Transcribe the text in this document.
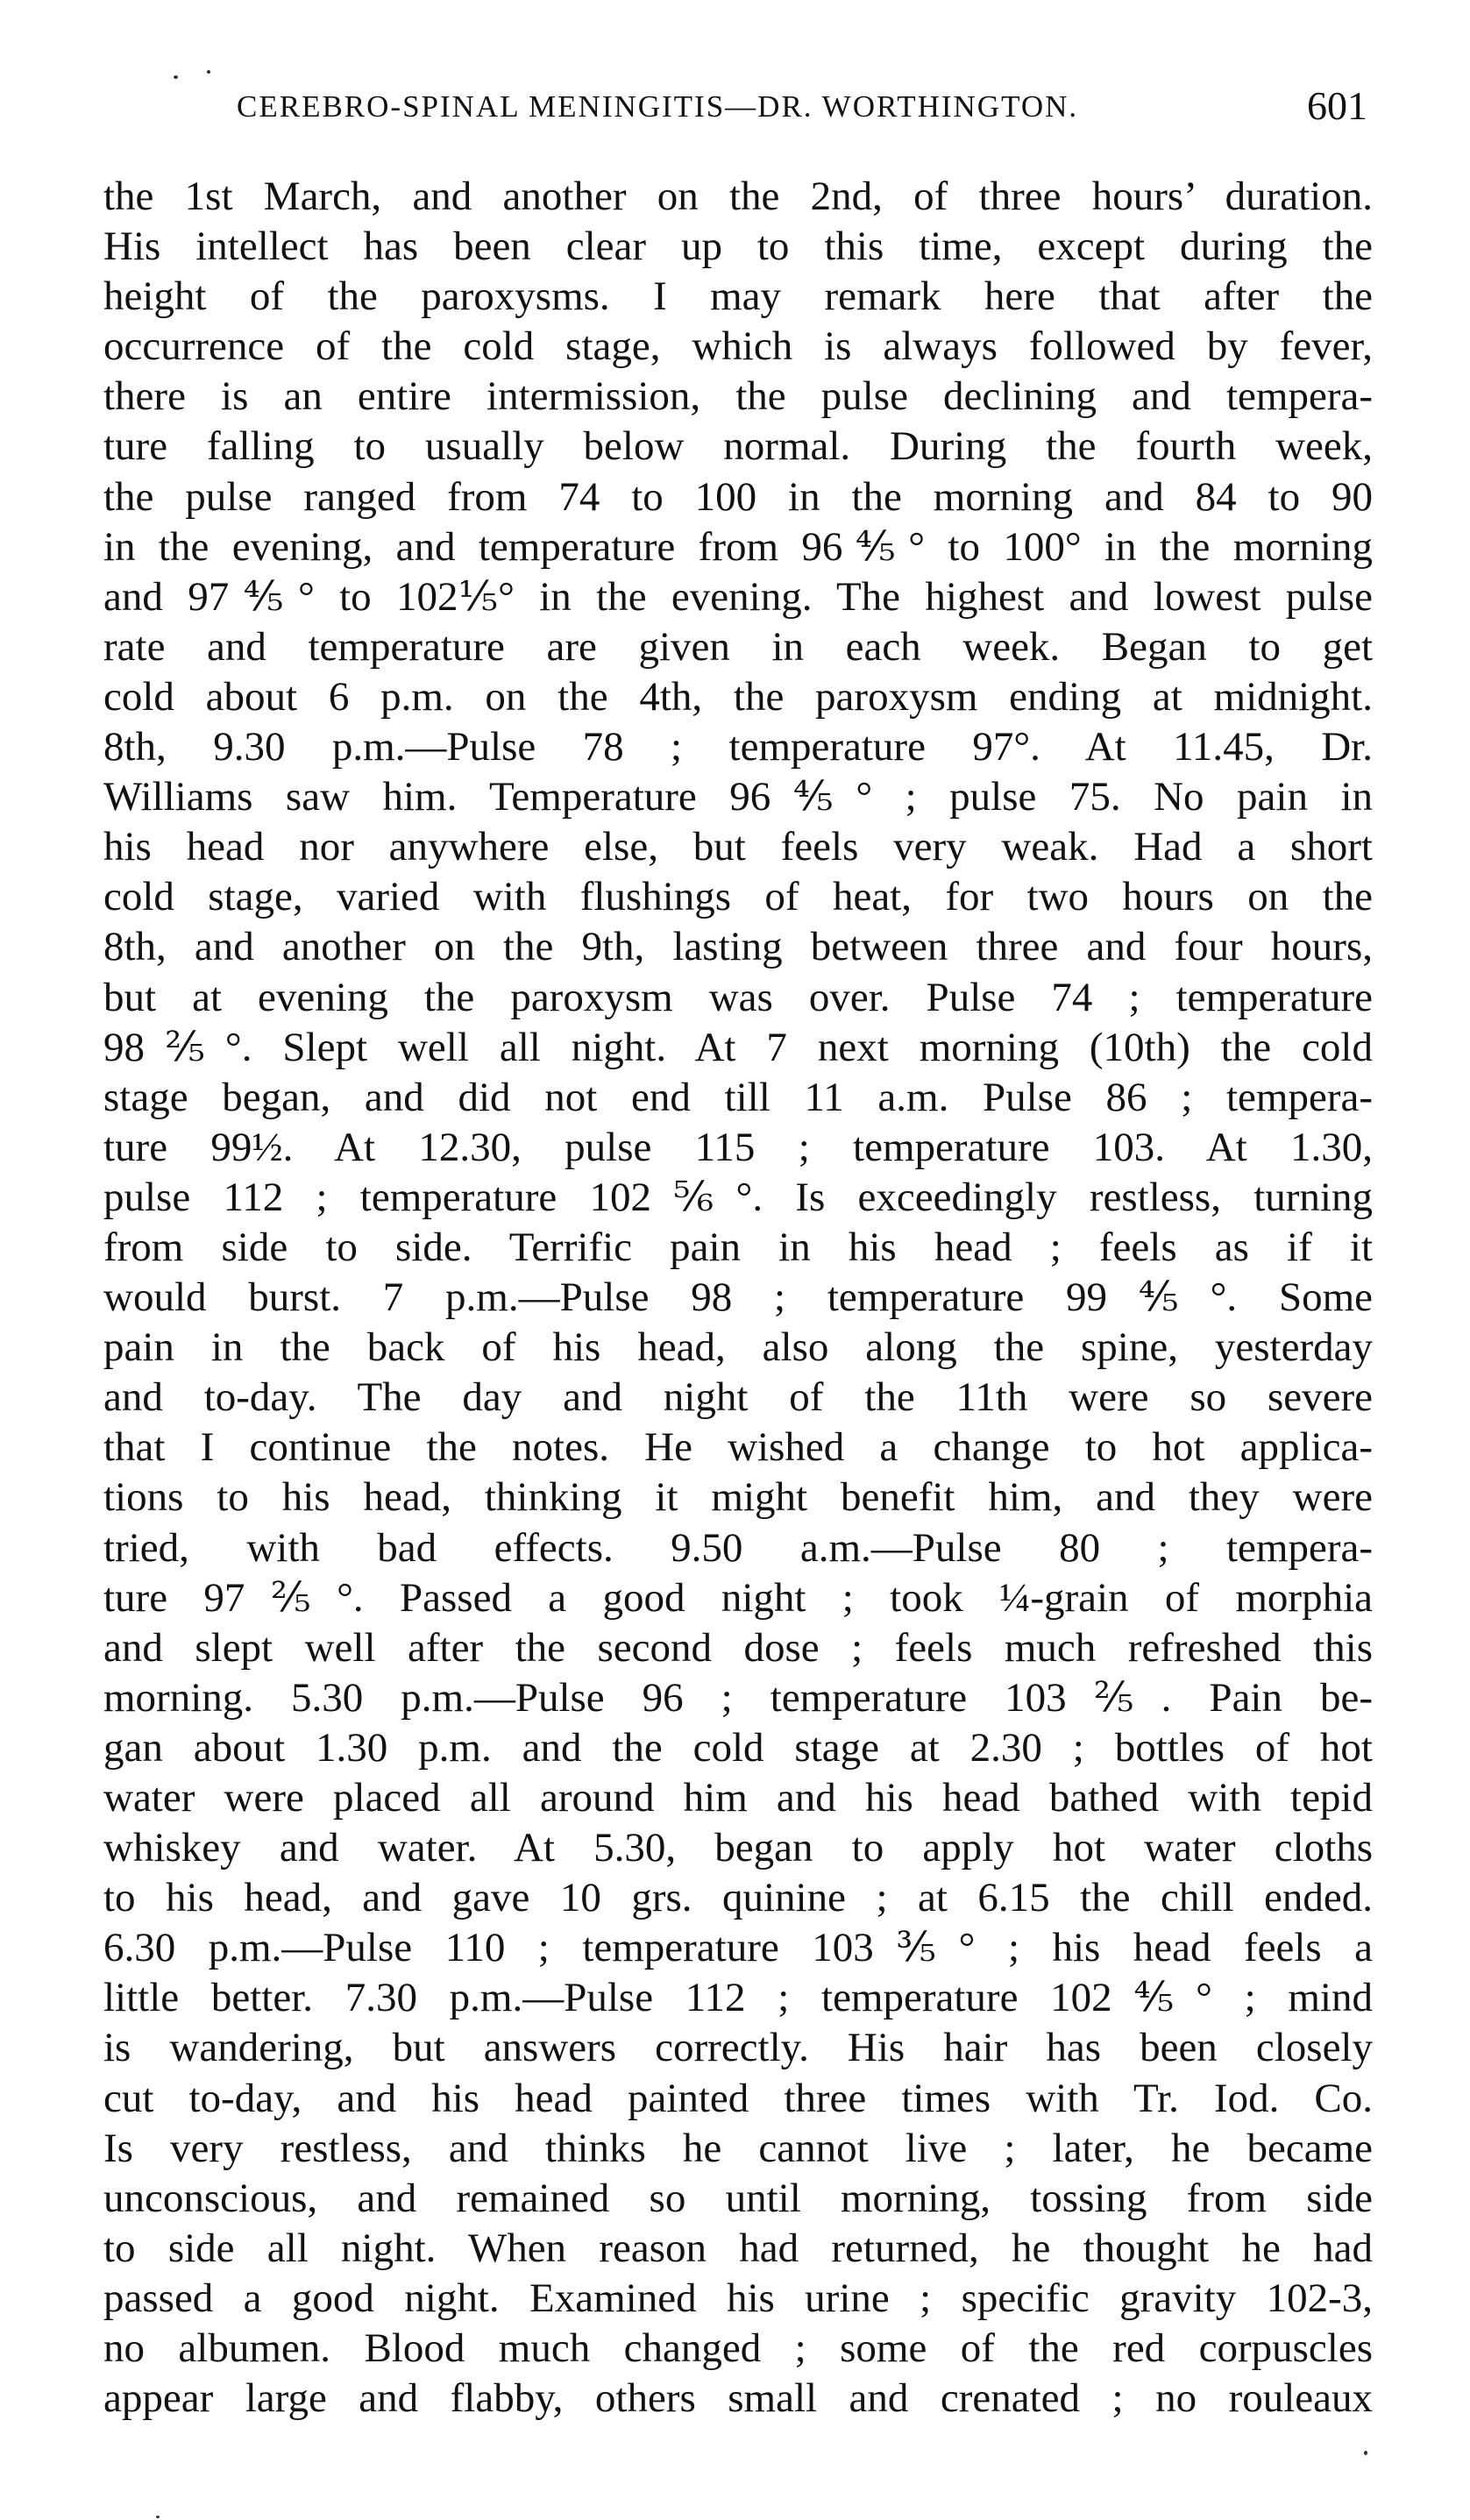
CEREBRO-SPINAL MENINGITIS—DR. WORTHINGTON.	601
the 1st March, and another on the 2nd, of three hours’ duration.
His intellect has been clear up to this time, except during the
height of the paroxysms. I may remark here that after the
occurrence of the cold stage, which is always followed by fever,
there is an entire intermission, the pulse declining and tempera-
ture falling to usually below normal. During the fourth week,
the pulse ranged from 74 to 100 in the morning and 84 to 90
in the evening, and temperature from 96⅘° to 100° in the morning
and 97⅘° to 102⅕° in the evening. The highest and lowest pulse
rate and temperature are given in each week. Began to get
cold about 6 p.m. on the 4th, the paroxysm ending at midnight.
8th, 9.30 p.m.—Pulse 78 ; temperature 97°. At 11.45, Dr.
Williams saw him. Temperature 96⅘° ; pulse 75. No pain in
his head nor anywhere else, but feels very weak. Had a short
cold stage, varied with flushings of heat, for two hours on the
8th, and another on the 9th, lasting between three and four hours,
but at evening the paroxysm was over. Pulse 74 ; temperature
98⅖°. Slept well all night. At 7 next morning (10th) the cold
stage began, and did not end till 11 a.m. Pulse 86 ; tempera-
ture 99½. At 12.30, pulse 115 ; temperature 103. At 1.30,
pulse 112 ; temperature 102⅚°. Is exceedingly restless, turning
from side to side. Terrific pain in his head ; feels as if it
would burst. 7 p.m.—Pulse 98 ; temperature 99⅘°. Some
pain in the back of his head, also along the spine, yesterday
and to-day. The day and night of the 11th were so severe
that I continue the notes. He wished a change to hot applica-
tions to his head, thinking it might benefit him, and they were
tried, with bad effects. 9.50 a.m.—Pulse 80 ; tempera-
ture 97⅖°. Passed a good night ; took ¼-grain of morphia
and slept well after the second dose ; feels much refreshed this
morning. 5.30 p.m.—Pulse 96 ; temperature 103⅖. Pain be-
gan about 1.30 p.m. and the cold stage at 2.30 ; bottles of hot
water were placed all around him and his head bathed with tepid
whiskey and water. At 5.30, began to apply hot water cloths
to his head, and gave 10 grs. quinine ; at 6.15 the chill ended.
6.30 p.m.—Pulse 110 ; temperature 103⅗° ; his head feels a
little better. 7.30 p.m.—Pulse 112 ; temperature 102⅘° ; mind
is wandering, but answers correctly. His hair has been closely
cut to-day, and his head painted three times with Tr. Iod. Co.
Is very restless, and thinks he cannot live ; later, he became
unconscious, and remained so until morning, tossing from side
to side all night. When reason had returned, he thought he had
passed a good night. Examined his urine ; specific gravity 102-3,
no albumen. Blood much changed ; some of the red corpuscles
appear large and flabby, others small and crenated ; no rouleaux
